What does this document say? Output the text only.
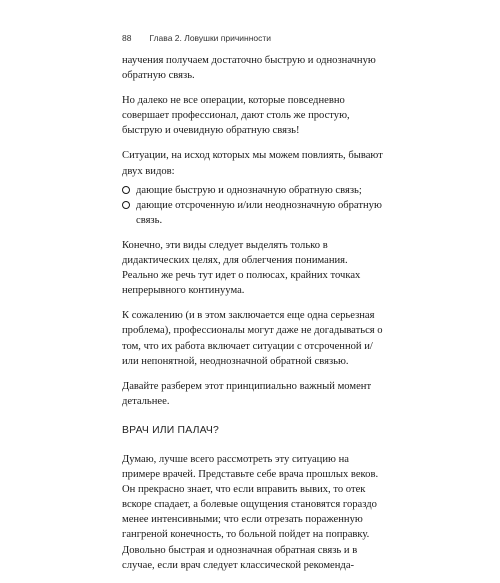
88 Глава 2. Ловушки причинности

научения получаем достаточно быструю и однозначную обратную связь.

Но далеко не все операции, которые повседневно совершает профессионал, дают столь же простую, быструю и очевидную обратную связь!

Ситуации, на исход которых мы можем повлиять, бывают двух видов:

дающие быструю и однозначную обратную связь;
дающие отсроченную и/или неоднозначную обратную связь.

Конечно, эти виды следует выделять только в дидактических целях, для облегчения понимания. Реально же речь тут идет о полюсах, крайних точках непрерывного континуума.

К сожалению (и в этом заключается еще одна серьезная проблема), профессионалы могут даже не догадываться о том, что их работа включает ситуации с отсроченной и/или непонятной, неоднозначной обратной связью.

Давайте разберем этот принципиально важный момент детальнее.

ВРАЧ ИЛИ ПАЛАЧ?

Думаю, лучше всего рассмотреть эту ситуацию на примере врачей. Представьте себе врача прошлых веков. Он прекрасно знает, что если вправить вывих, то отек вскоре спадает, а болевые ощущения становятся гораздо менее интенсивными; что если отрезать пораженную гангреной конечность, то больной пойдет на поправку. Довольно быстрая и однозначная обратная связь и в случае, если врач следует классической рекоменда-
